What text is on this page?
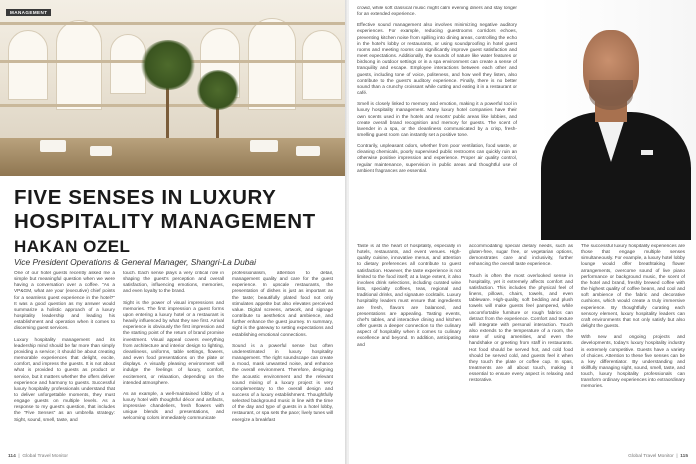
MANAGEMENT
FIVE SENSES IN LUXURY HOSPITALITY MANAGEMENT
HAKAN OZEL
Vice President Operations & General Manager, Shangri-La Dubai

One of our hotel guests recently asked me a simple but meaningful question when we were having a conversation over a coffee. "As a VP&GM, what are your (executive) chief points for a seamless guest experience in the hotel?" It was a good question as my answer would summarize a holistic approach of a luxury hospitality leadership and leading his establishment and operation when it comes to discerning guest services.

Luxury hospitality management and its leadership mind should be far more than simply providing a service; it should be about creating memorable experiences that delight, excite, comfort, and impress the guests. It is not about what is provided to guests as product or service, but it matters whether the offers deliver experience and harmony to guests. Successful luxury hospitality professionals understand that to deliver unforgettable moments, they must engage guests on multiple levels. As a response to my guest's question, that includes the "Five Senses" as an umbrella strategy: Sight, sound, smell, taste, and

touch. Each sense plays a very critical role in shaping the guest's perception and overall satisfaction, influencing emotions, memories, and even loyalty to the brand.

Sight is the power of visual impressions and memories. The first impression a guest forms upon entering a luxury hotel or a restaurant is heavily influenced by what they see first. Arrival experience is obviously the first impression and the starting point of the return of brand promise investment. Visual appeal covers everything from architecture and interior design to lighting, cleanliness, uniforms, table settings, flowers, and even food presentations on the plate or displays. A visually pleasing environment will indulge the feelings of luxury, comfort, excitement, or relaxation, depending on the intended atmosphere.

As an example, a well-maintained lobby of a luxury hotel with thoughtful décor and artifacts, impressive chandeliers, fresh flowers with unique blends and presentations, and welcoming colors immediately communicate

professionalism, attention to detail, management quality and care for the guest experience. In upscale restaurants, the presentation of dishes is just as important as the taste; beautifully plated food not only stimulates appetite but also elevates perceived value. Digital screens, artwork, and signage contribute to aesthetics and ambience, and further enhance the guest journey. In summary, sight is the gateway to setting expectations and establishing emotional connections.

Sound is a powerful sense but often underestimated in luxury hospitality management. The right soundscape can create a mood, mask unwanted noise, and enhance the overall environment. Therefore, designing the acoustic environment and the relevant sound mixing of a luxury project is very complementary to the overall design and success of a luxury establishment. Thoughtfully selected background music in line with the time of the day and type of guests in a hotel lobby, restaurant, or spa sets the pace; lively tunes will energize a breakfast

114  |  Global Travel Monitor

crowd, while soft classical music might calm evening diners and stay longer for an extended experience.

Effective sound management also involves minimizing negative auditory experiences. For example, reducing guestrooms corridors echoes, preventing kitchen noise from spilling into dining areas, controlling the echo in the hotel's lobby or restaurants, or using soundproofing in hotel guest rooms and meeting rooms can significantly improve guest satisfaction and meet expectations. Additionally, the sounds of nature like water features or birdsong in outdoor settings or in a spa environment can create a sense of tranquility and escape. Employee interactions between each other and guests, including tone of voice, politeness, and how well they listen, also contribute to the guest's auditory experience. Finally, there is no better sound than a crunchy croissant while cutting and eating it in a restaurant or café.

Smell is closely linked to memory and emotion, making it a powerful tool in luxury hospitality management. Many luxury hotel companies have their own scents used in the hotels and resorts' public areas like lobbies, and create overall brand recognition and memory for guests. The scent of lavender in a spa, or the cleanliness communicated by a crisp, fresh-smelling guest room can instantly set a positive tone.

Contrarily, unpleasant odors, whether from poor ventilation, food waste, or cleaning chemicals, poorly supervised public restrooms can quickly ruin an otherwise positive impression and experience. Proper air quality control, regular maintenance, supervision in public areas and thoughtful use of ambient fragrances are essential.

Taste is at the heart of hospitality, especially in hotels, restaurants, and event venues. High-quality cuisine, innovative menus, and attention to dietary preferences all contribute to guest satisfaction. However, the taste experience is not limited to the food itself; at a large extent, it also involves drink selections, including curated wine lists, specialty coffees, teas, regional and traditional drinks, and signature cocktails. Luxury hospitality leaders must ensure that ingredients are fresh, flavors are balanced, and presentations are appealing. Tasting events, chef's tables, and interactive dining and kitchen offer guests a deeper connection to the culinary aspect of hospitality when it comes to culinary excellence and beyond. In addition, anticipating and

accommodating special dietary needs, such as gluten-free, sugar free, or vegetarian options, demonstrates care and inclusivity, further enhancing the overall taste experience.

Touch is often the most overlooked sense in hospitality, yet it extremely affects comfort and satisfaction. This includes the physical feel of linens, pillows, chairs, towels, and even tableware. High-quality, soft bedding and plush towels will make guests feel pampered, while uncomfortable furniture or rough fabrics can detract from the experience. Comfort and texture will integrate with personal interaction. Touch also extends to the temperature of a room, the ease of using amenities, and even the handshake or greeting from staff in restaurants. Hot food should be served hot, and cold food should be served cold, and guests feel it when they touch the plate or coffee cup. In spas, treatments are all about touch, making it essential to ensure every aspect is relaxing and restorative.

The successful luxury hospitality experiences are those that engage multiple senses simultaneously. For example, a luxury hotel lobby lounge would offer breathtaking flower arrangements, overcome sound of live piano performance or background music, the scent of the hotel and brand, freshly brewed coffee with the highest quality of coffee beans, and cool and soft ambience of the fabric and decorative cushions, which would create a truly immersive experience. By thoughtfully curating each sensory element, luxury hospitality leaders can craft environments that not only satisfy but also delight the guests.

With new and ongoing projects and developments, today's luxury hospitality industry is extremely competitive. Guests have a variety of choices. Attention to these five senses can be a key differentiator. By understanding and skillfully managing sight, sound, smell, taste, and touch, luxury hospitality professionals can transform ordinary experiences into extraordinary memories.

Global Travel Monitor  |  115
